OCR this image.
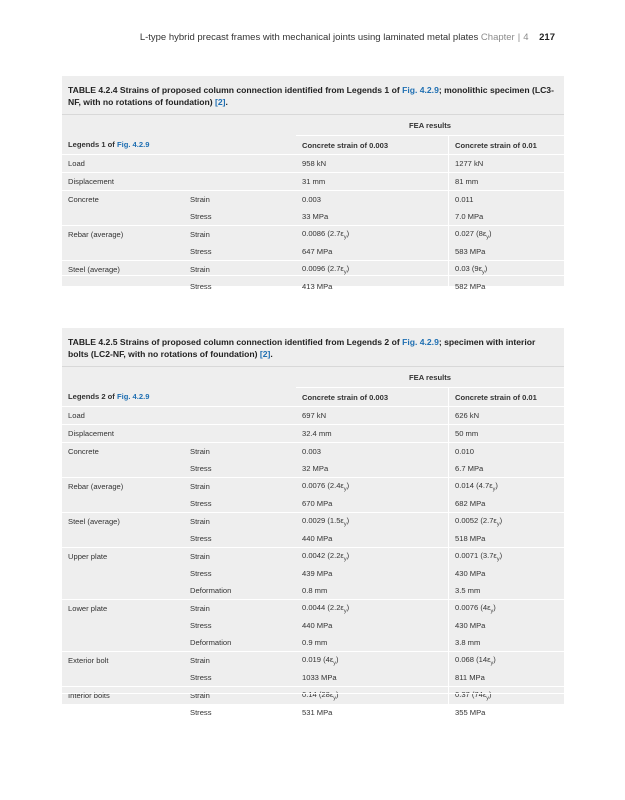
L-type hybrid precast frames with mechanical joints using laminated metal plates Chapter | 4 217
TABLE 4.2.4 Strains of proposed column connection identified from Legends 1 of Fig. 4.2.9; monolithic specimen (LC3-NF, with no rotations of foundation) [2].
		FEA results	
Legends 1 of Fig. 4.2.9		Concrete strain of 0.003	Concrete strain of 0.01
Load		958 kN	1277 kN
Displacement		31 mm	81 mm
Concrete	Strain	0.003	0.011
	Stress	33 MPa	7.0 MPa
Rebar (average)	Strain	0.0086 $(2.7\varepsilon_y)$	0.027 $(8\varepsilon_y)$
	Stress	647 MPa	583 MPa
Steel (average)	Strain	0.0096 $(2.7\varepsilon_y)$	0.03 $(9\varepsilon_y)$
	Stress	413 MPa	582 MPa
TABLE 4.2.5 Strains of proposed column connection identified from Legends 2 of Fig. 4.2.9; specimen with interior bolts (LC2-NF, with no rotations of foundation) [2].
		FEA results	
Legends 2 of Fig. 4.2.9		Concrete strain of 0.003	Concrete strain of 0.01
Load		697 kN	626 kN
Displacement		32.4 mm	50 mm
Concrete	Strain	0.003	0.010
	Stress	32 MPa	6.7 MPa
Rebar (average)	Strain	0.0076 $(2.4\varepsilon_y)$	0.014 $(4.7\varepsilon_y)$
	Stress	670 MPa	682 MPa
Steel (average)	Strain	0.0029 $(1.5\varepsilon_y)$	0.0052 $(2.7\varepsilon_y)$
	Stress	440 MPa	518 MPa
Upper plate	Strain	0.0042 $(2.2\varepsilon_y)$	0.0071 $(3.7\varepsilon_y)$
	Stress	439 MPa	430 MPa
	Deformation	0.8 mm	3.5 mm
Lower plate	Strain	0.0044 $(2.2\varepsilon_y)$	0.0076 $(4\varepsilon_y)$
	Stress	440 MPa	430 MPa
	Deformation	0.9 mm	3.8 mm
Exterior bolt	Strain	0.019 $(4\varepsilon_y)$	0.068 $(14\varepsilon_y)$
	Stress	1033 MPa	811 MPa
Interior bolts	Strain	0.14 $(28\varepsilon_y)$	0.37 $(74\varepsilon_y)$
	Stress	531 MPa	355 MPa
